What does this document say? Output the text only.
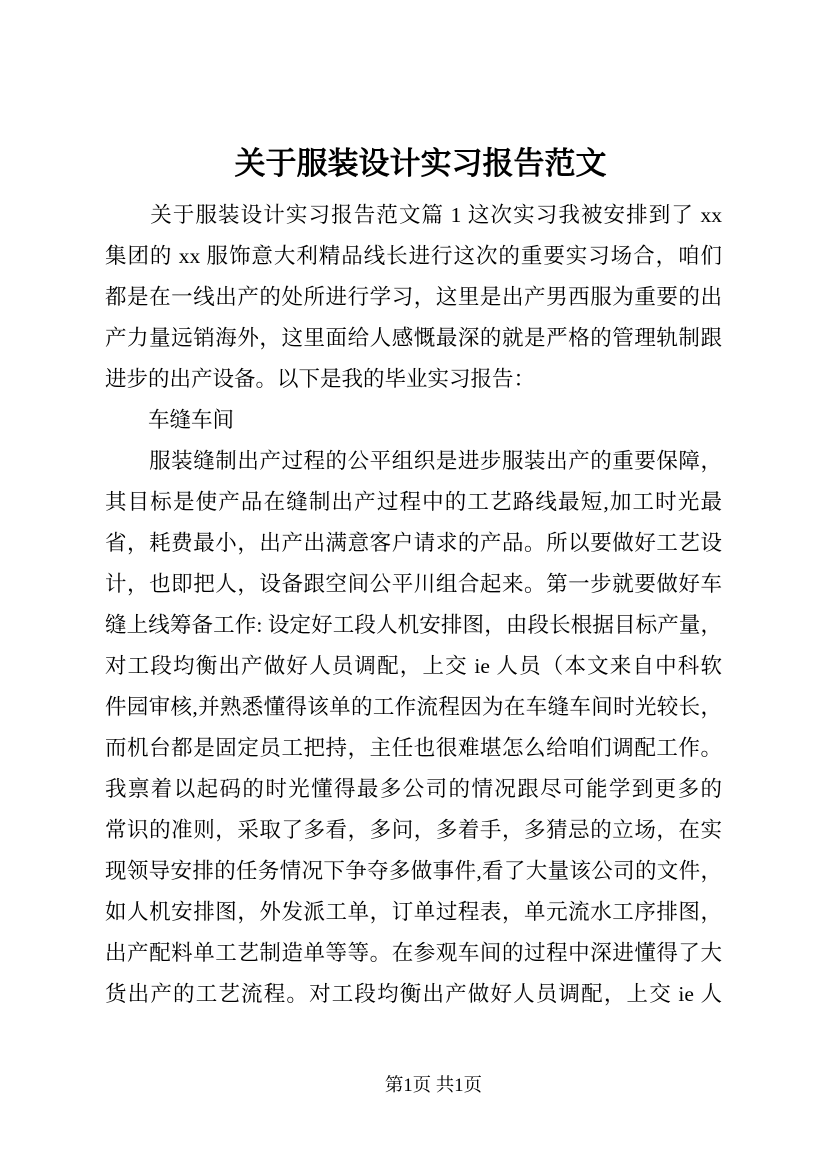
关于服装设计实习报告范文
　　关于服装设计实习报告范文篇 1 这次实习我被安排到了 xx
集团的 xx 服饰意大利精品线长进行这次的重要实习场合，咱们
都是在一线出产的处所进行学习，这里是出产男西服为重要的出
产力量远销海外，这里面给人感慨最深的就是严格的管理轨制跟
进步的出产设备。以下是我的毕业实习报告：
　　车缝车间
　　服装缝制出产过程的公平组织是进步服装出产的重要保障，
其目标是使产品在缝制出产过程中的工艺路线最短,加工时光最
省，耗费最小，出产出满意客户请求的产品。所以要做好工艺设
计，也即把人，设备跟空间公平川组合起来。第一步就要做好车
缝上线筹备工作: 设定好工段人机安排图，由段长根据目标产量，
对工段均衡出产做好人员调配，上交 ie 人员（本文来自中科软
件园审核,并熟悉懂得该单的工作流程因为在车缝车间时光较长，
而机台都是固定员工把持，主任也很难堪怎么给咱们调配工作。
我禀着以起码的时光懂得最多公司的情况跟尽可能学到更多的
常识的准则，采取了多看，多问，多着手，多猜忌的立场，在实
现领导安排的任务情况下争夺多做事件,看了大量该公司的文件，
如人机安排图，外发派工单，订单过程表，单元流水工序排图，
出产配料单工艺制造单等等。在参观车间的过程中深进懂得了大
货出产的工艺流程。对工段均衡出产做好人员调配，上交 ie 人
第1页 共1页
